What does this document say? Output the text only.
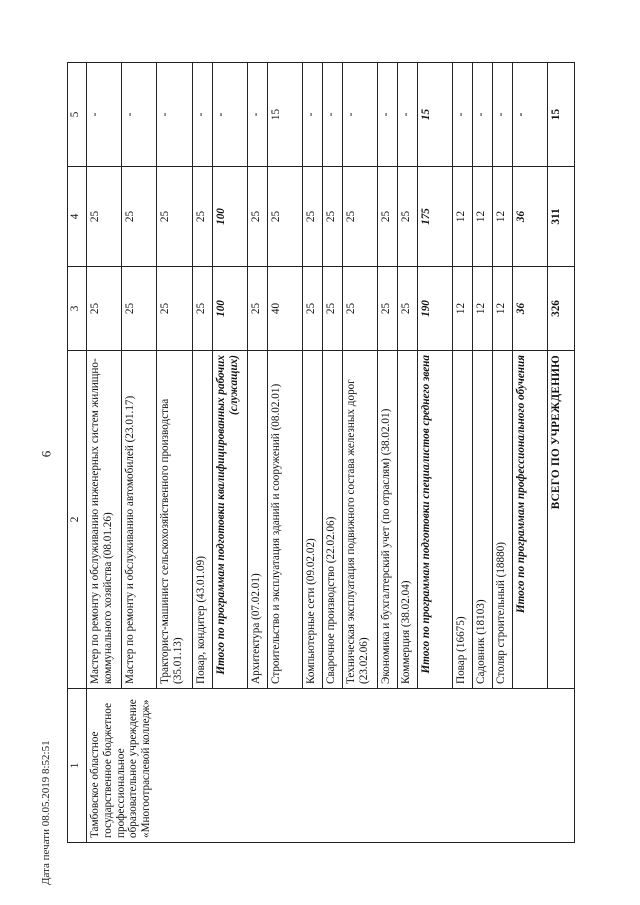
6
Дата печати 08.05.2019 8:52:51 1	2	3	4	5
Тамбовское областное государственное бюджетное профессиональное образовательное учреждение «Многоотраслевой колледж»	Мастер по ремонту и обслуживанию инженерных систем жилищно-коммунального хозяйства (08.01.26)	25	25	-
	Мастер по ремонту и обслуживанию автомобилей (23.01.17)	25	25	-
	Тракторист-машинист сельскохозяйственного производства (35.01.13)	25	25	-
	Повар, кондитер (43.01.09)	25	25	-
	Итого по программам подготовки квалифицированных рабочих (служащих)	100	100	-
	Архитектура (07.02.01)	25	25	-
	Строительство и эксплуатация зданий и сооружений (08.02.01)	40	25	15
	Компьютерные сети (09.02.02)	25	25	-
	Сварочное производство (22.02.06)	25	25	-
	Техническая эксплуатация подвижного состава железных дорог (23.02.06)	25	25	-
	Экономика и бухгалтерский учет (по отраслям) (38.02.01)	25	25	-
	Коммерция (38.02.04)	25	25	-
	Итого по программам подготовки специалистов среднего звена	190	175	15
	Повар (16675)	12	12	-
	Садовник (18103)	12	12	-
	Столяр строительный (18880)	12	12	-
	Итого по программам профессионального обучения	36	36	-
	ВСЕГО ПО УЧРЕЖДЕНИЮ	326	311	15
